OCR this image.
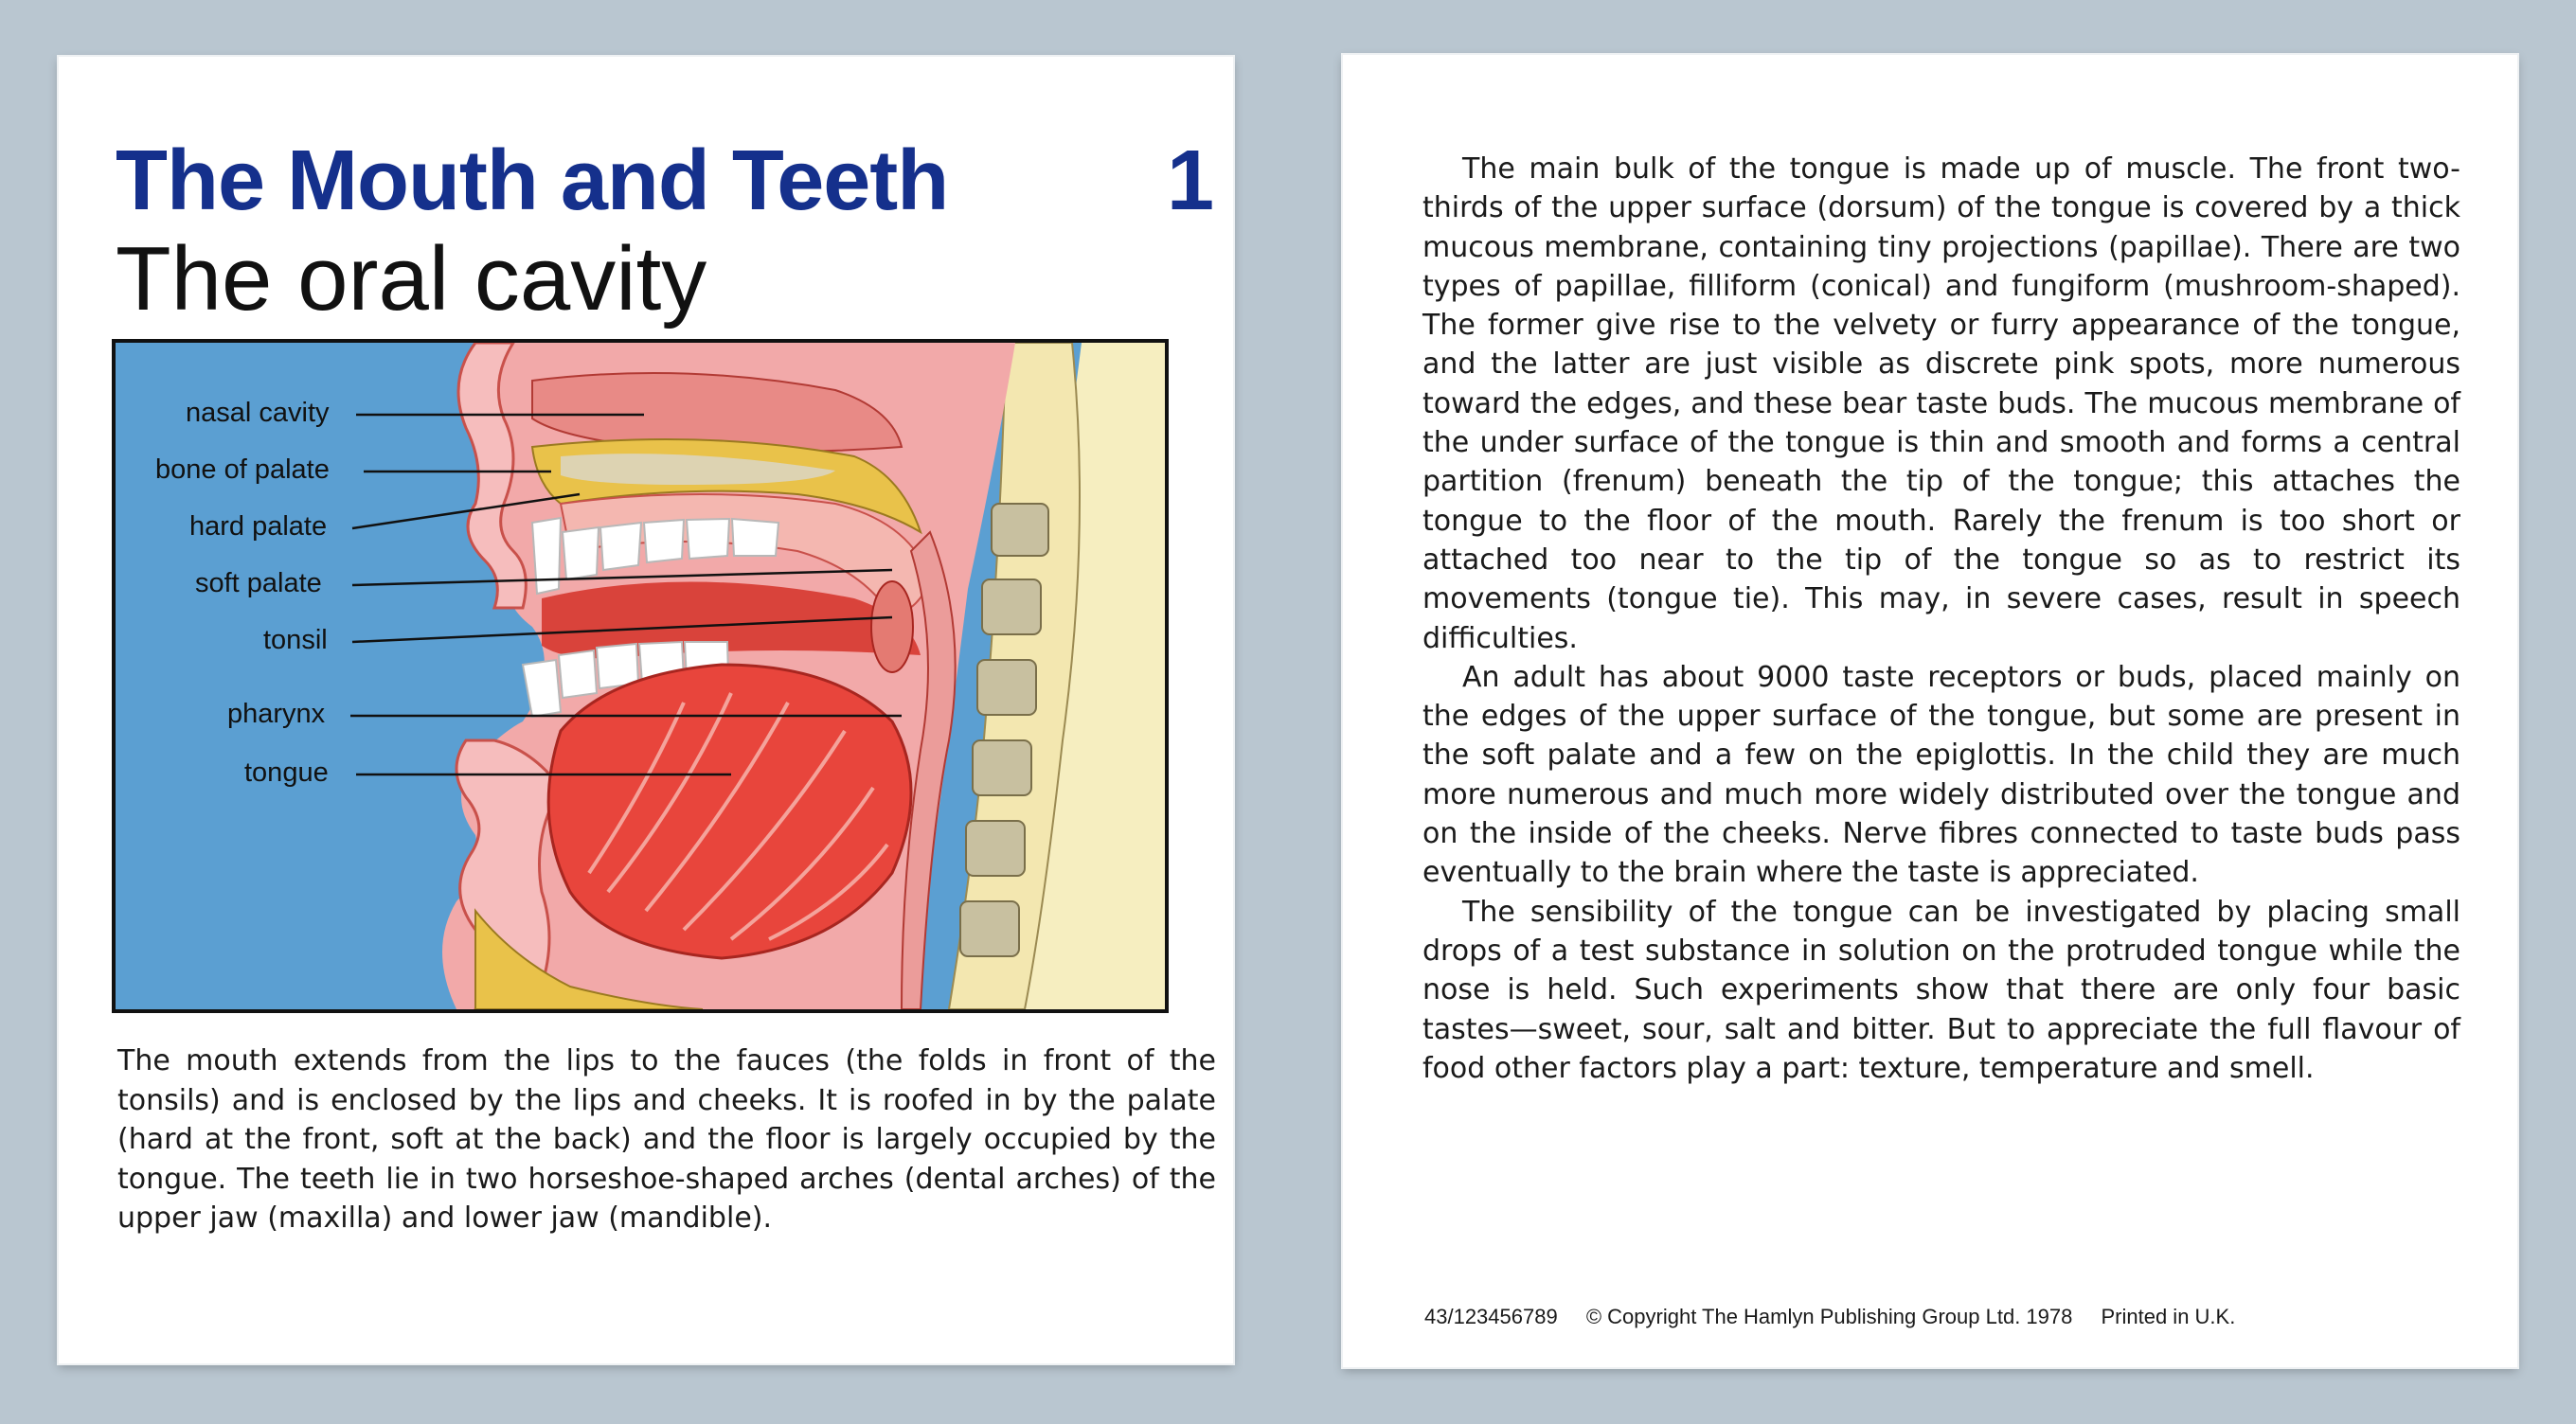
The Mouth and Teeth	1
The oral cavity
nasal cavity
bone of palate
hard palate
soft palate
tonsil
pharynx
tongue

The mouth extends from the lips to the fauces (the folds in front of the tonsils) and is enclosed by the lips and cheeks. It is roofed in by the palate (hard at the front, soft at the back) and the floor is largely occupied by the tongue. The teeth lie in two horseshoe-shaped arches (dental arches) of the upper jaw (maxilla) and lower jaw (mandible).

The main bulk of the tongue is made up of muscle. The front two-thirds of the upper surface (dorsum) of the tongue is covered by a thick mucous membrane, containing tiny projections (papillae). There are two types of papillae, filliform (conical) and fungiform (mushroom-shaped). The former give rise to the velvety or furry appearance of the tongue, and the latter are just visible as discrete pink spots, more numerous toward the edges, and these bear taste buds. The mucous membrane of the under surface of the tongue is thin and smooth and forms a central partition (frenum) beneath the tip of the tongue; this attaches the tongue to the floor of the mouth. Rarely the frenum is too short or attached too near to the tip of the tongue so as to restrict its movements (tongue tie). This may, in severe cases, result in speech difficulties.

An adult has about 9000 taste receptors or buds, placed mainly on the edges of the upper surface of the tongue, but some are present in the soft palate and a few on the epiglottis. In the child they are much more numerous and much more widely distributed over the tongue and on the inside of the cheeks. Nerve fibres connected to taste buds pass eventually to the brain where the taste is appreciated.

The sensibility of the tongue can be investigated by placing small drops of a test substance in solution on the protruded tongue while the nose is held. Such experiments show that there are only four basic tastes—sweet, sour, salt and bitter. But to appreciate the full flavour of food other factors play a part: texture, temperature and smell.

43/123456789 © Copyright The Hamlyn Publishing Group Ltd. 1978 Printed in U.K.
